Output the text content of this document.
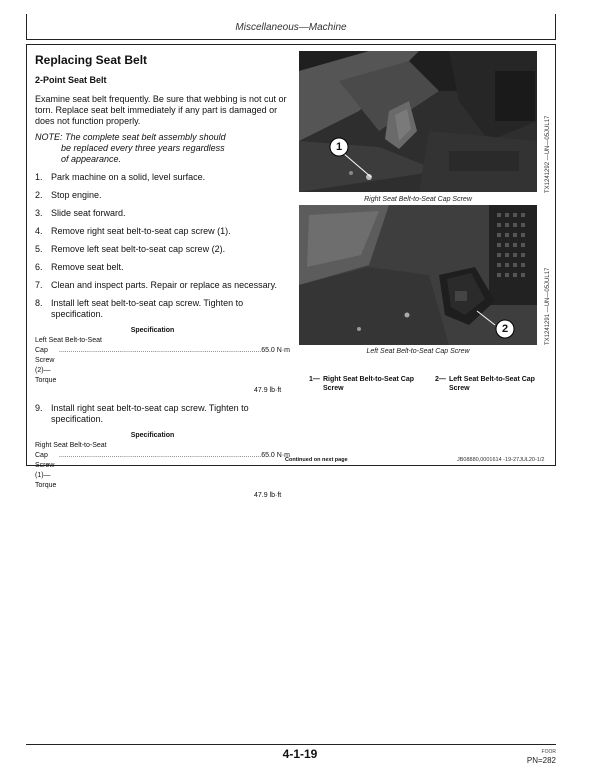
Miscellaneous—Machine
Replacing Seat Belt
2-Point Seat Belt

Examine seat belt frequently. Be sure that webbing is not cut or torn. Replace seat belt immediately if any part is damaged or does not function properly.

NOTE: The complete seat belt assembly should
be replaced every three years regardless
of appearance.

1. Park machine on a solid, level surface.
2. Stop engine.
3. Slide seat forward.
4. Remove right seat belt-to-seat cap screw (1).
5. Remove left seat belt-to-seat cap screw (2).
6. Remove seat belt.
7. Clean and inspect parts. Repair or replace as necessary.
8. Install left seat belt-to-seat cap screw. Tighten to specification.
Specification
Left Seat Belt-to-Seat
Cap Screw (2)—Torque
........................................................................................................ 65.0 N·m
47.9 lb·ft
9. Install right seat belt-to-seat cap screw. Tighten to specification.
Specification
Right Seat Belt-to-Seat
Cap Screw (1)—Torque
........................................................................................................ 65.0 N·m
47.9 lb·ft
1
Right Seat Belt-to-Seat Cap Screw
TX1241292 —UN—05JUL17
2
Left Seat Belt-to-Seat Cap Screw
TX1241291 —UN—05JUL17
1— Right Seat Belt-to-Seat Cap Screw
2— Left Seat Belt-to-Seat Cap Screw
Continued on next page	JB08880,0001614 -19-27JUL20-1/2
4-1-19	FOOR
PN=282
